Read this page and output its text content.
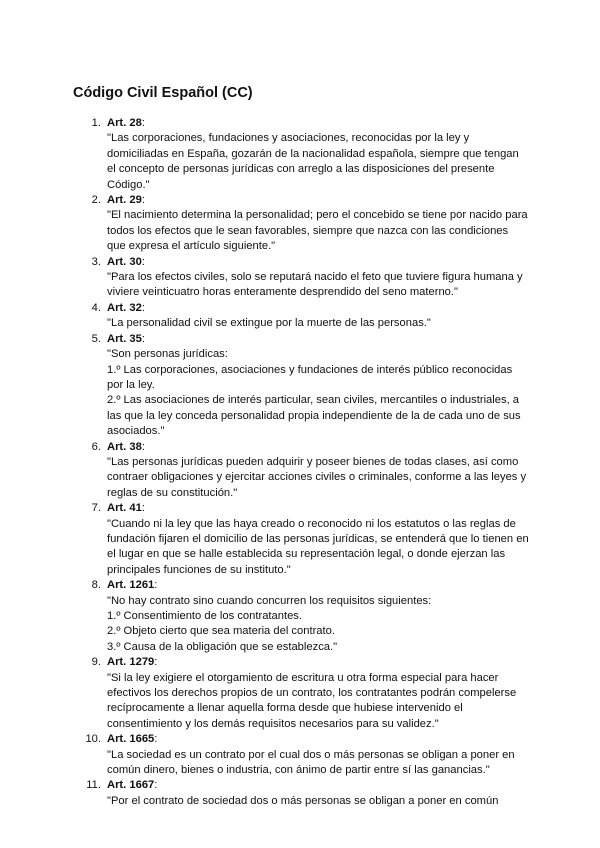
Código Civil Español (CC)
1. Art. 28:
"Las corporaciones, fundaciones y asociaciones, reconocidas por la ley y
domiciliadas en España, gozarán de la nacionalidad española, siempre que tengan
el concepto de personas jurídicas con arreglo a las disposiciones del presente
Código."
2. Art. 29:
"El nacimiento determina la personalidad; pero el concebido se tiene por nacido para
todos los efectos que le sean favorables, siempre que nazca con las condiciones
que expresa el artículo siguiente."
3. Art. 30:
"Para los efectos civiles, solo se reputará nacido el feto que tuviere figura humana y
viviere veinticuatro horas enteramente desprendido del seno materno."
4. Art. 32:
"La personalidad civil se extingue por la muerte de las personas."
5. Art. 35:
"Son personas jurídicas:
1.º Las corporaciones, asociaciones y fundaciones de interés público reconocidas
por la ley.
2.º Las asociaciones de interés particular, sean civiles, mercantiles o industriales, a
las que la ley conceda personalidad propia independiente de la de cada uno de sus
asociados."
6. Art. 38:
"Las personas jurídicas pueden adquirir y poseer bienes de todas clases, así como
contraer obligaciones y ejercitar acciones civiles o criminales, conforme a las leyes y
reglas de su constitución."
7. Art. 41:
"Cuando ni la ley que las haya creado o reconocido ni los estatutos o las reglas de
fundación fijaren el domicilio de las personas jurídicas, se entenderá que lo tienen en
el lugar en que se halle establecida su representación legal, o donde ejerzan las
principales funciones de su instituto."
8. Art. 1261:
"No hay contrato sino cuando concurren los requisitos siguientes:
1.º Consentimiento de los contratantes.
2.º Objeto cierto que sea materia del contrato.
3.º Causa de la obligación que se establezca."
9. Art. 1279:
"Si la ley exigiere el otorgamiento de escritura u otra forma especial para hacer
efectivos los derechos propios de un contrato, los contratantes podrán compelerse
recíprocamente a llenar aquella forma desde que hubiese intervenido el
consentimiento y los demás requisitos necesarios para su validez."
10. Art. 1665:
"La sociedad es un contrato por el cual dos o más personas se obligan a poner en
común dinero, bienes o industria, con ánimo de partir entre sí las ganancias."
11. Art. 1667:
"Por el contrato de sociedad dos o más personas se obligan a poner en común
